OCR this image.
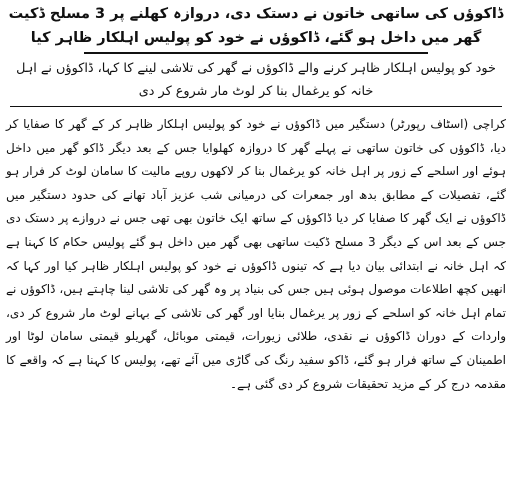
ڈاکوؤں کی ساتھی خاتون نے دستک دی، دروازہ کھلنے پر 3 مسلح ڈکیت گھر میں داخل ہو گئے، ڈاکوؤں نے خود کو پولیس اہلکار ظاہر کیا

خود کو پولیس اہلکار ظاہر کرنے والے ڈاکوؤں نے گھر کی تلاشی لینے کا کہا، ڈاکوؤں نے اہل خانہ کو یرغمال بنا کر لوٹ مار شروع کر دی

کراچی (اسٹاف رپورٹر) دستگیر میں ڈاکوؤں نے خود کو پولیس اہلکار ظاہر کر کے گھر کا صفایا کر دیا، ڈاکوؤں کی خاتون ساتھی نے پہلے گھر کا دروازہ کھلوایا جس کے بعد دیگر ڈاکو گھر میں داخل ہوئے اور اسلحے کے زور پر اہل خانہ کو یرغمال بنا کر لاکھوں روپے مالیت کا سامان لوٹ کر فرار ہو گئے، تفصیلات کے مطابق بدھ اور جمعرات کی درمیانی شب عزیز آباد تھانے کی حدود دستگیر میں ڈاکوؤں نے ایک گھر کا صفایا کر دیا ڈاکوؤں کے ساتھ ایک خاتون بھی تھی جس نے دروازے پر دستک دی جس کے بعد اس کے دیگر 3 مسلح ڈکیت ساتھی بھی گھر میں داخل ہو گئے پولیس حکام کا کہنا ہے کہ اہل خانہ نے ابتدائی بیان دیا ہے کہ تینوں ڈاکوؤں نے خود کو پولیس اہلکار ظاہر کیا اور کہا کہ انھیں کچھ اطلاعات موصول ہوئی ہیں جس کی بنیاد پر وہ گھر کی تلاشی لینا چاہتے ہیں، ڈاکوؤں نے تمام اہل خانہ کو اسلحے کے زور پر یرغمال بنایا اور گھر کی تلاشی کے بہانے لوٹ مار شروع کر دی، واردات کے دوران ڈاکوؤں نے نقدی، طلائی زیورات، قیمتی موبائل، گھریلو قیمتی سامان لوٹا اور اطمینان کے ساتھ فرار ہو گئے، ڈاکو سفید رنگ کی گاڑی میں آئے تھے، پولیس کا کہنا ہے کہ واقعے کا مقدمہ درج کر کے مزید تحقیقات شروع کر دی گئی ہے۔
